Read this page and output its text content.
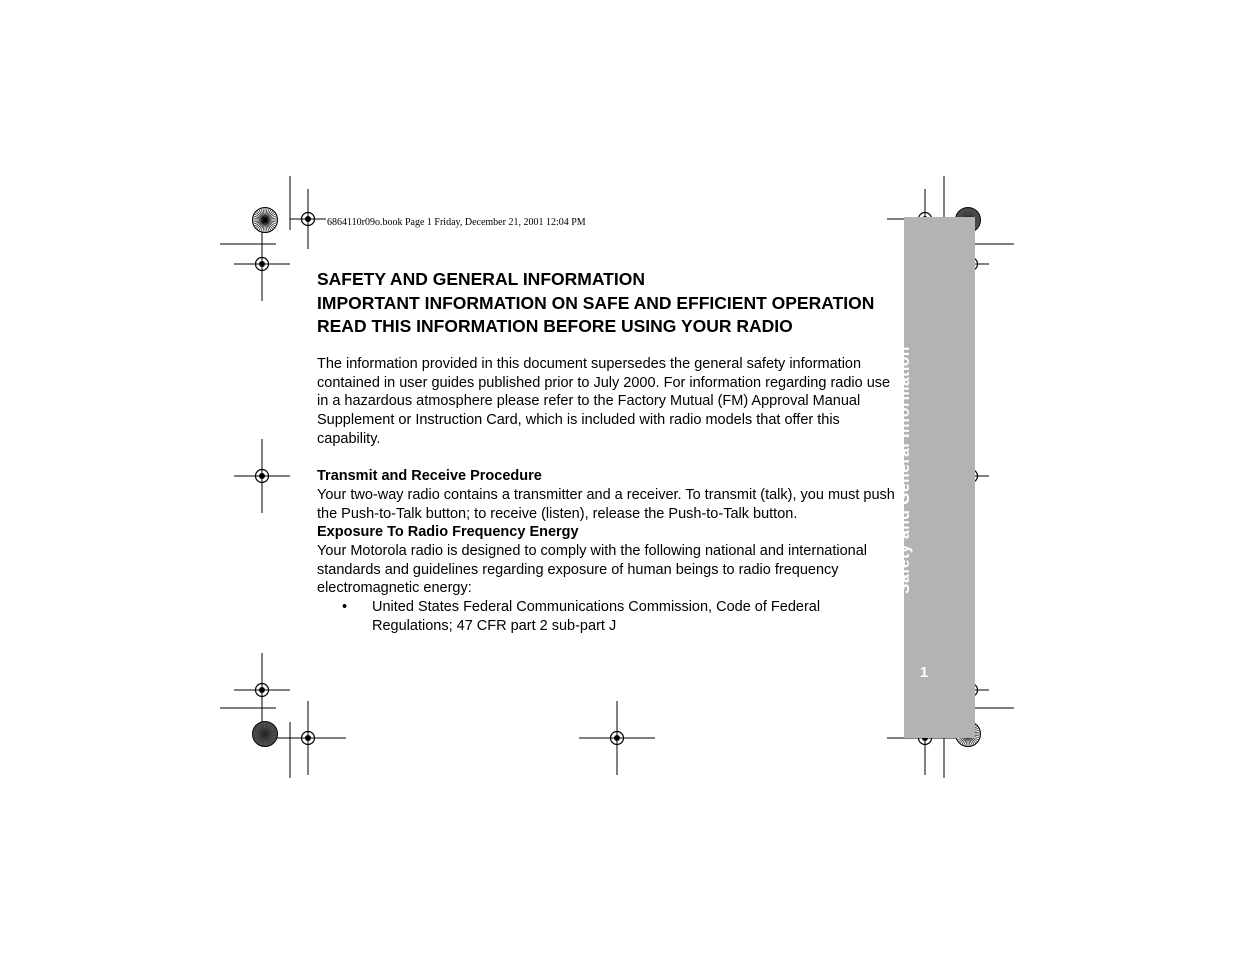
Safety and General Information
1
6864110r09o.book Page 1 Friday, December 21, 2001 12:04 PM
SAFETY AND GENERAL INFORMATION
IMPORTANT INFORMATION ON SAFE AND EFFICIENT OPERATION
READ THIS INFORMATION BEFORE USING YOUR RADIO

The information provided in this document supersedes the general safety information contained in user guides published prior to July 2000. For information regarding radio use in a hazardous atmosphere please refer to the Factory Mutual (FM) Approval Manual Supplement or Instruction Card, which is included with radio models that offer this capability.

Transmit and Receive Procedure

Your two-way radio contains a transmitter and a receiver. To transmit (talk), you must push the Push-to-Talk button; to receive (listen), release the Push-to-Talk button.

Exposure To Radio Frequency Energy

Your Motorola radio is designed to comply with the following national and international standards and guidelines regarding exposure of human beings to radio frequency electromagnetic energy:

• United States Federal Communications Commission, Code of Federal Regulations; 47 CFR part 2 sub-part J
